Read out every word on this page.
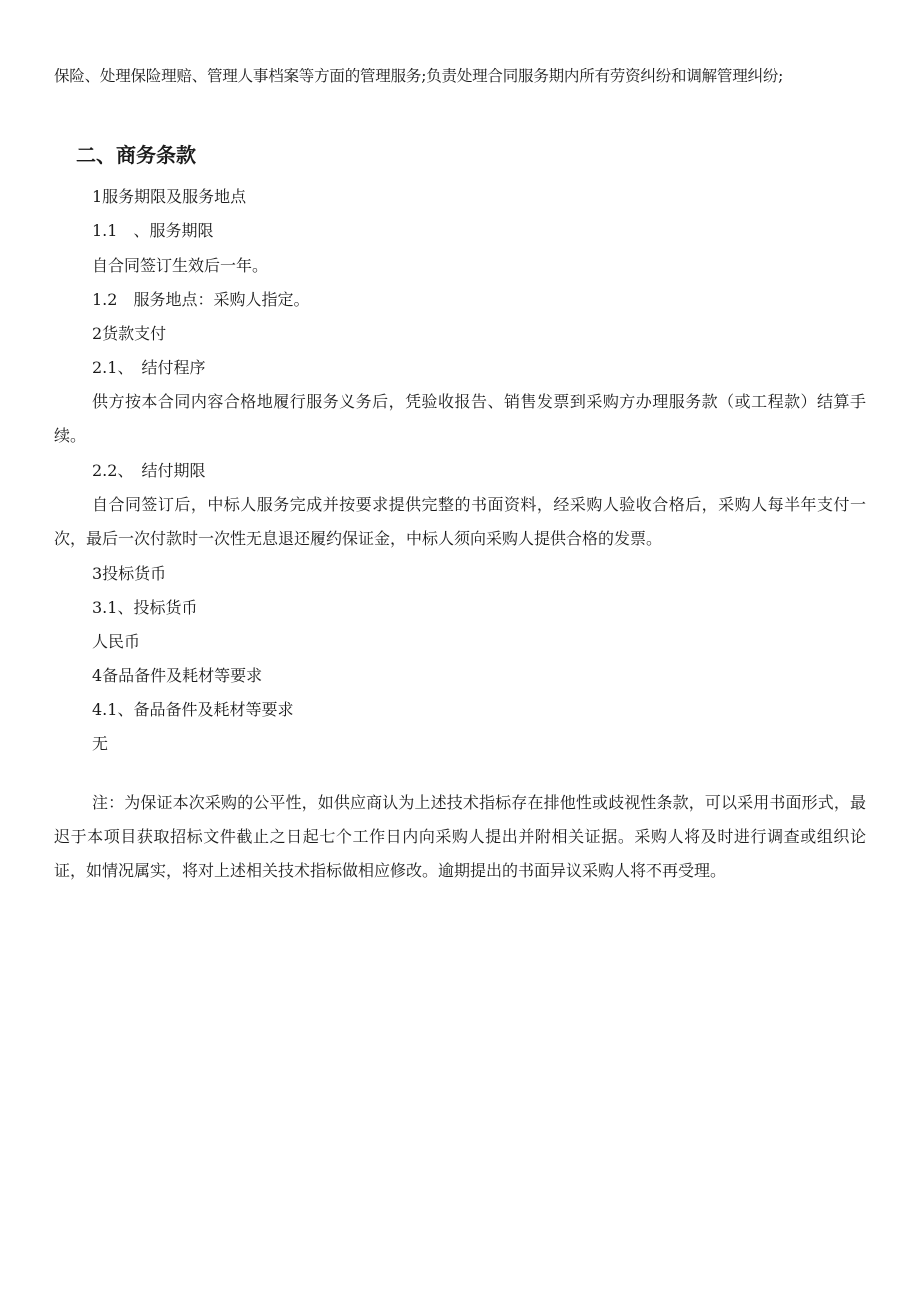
保险、处理保险理赔、管理人事档案等方面的管理服务;负责处理合同服务期内所有劳资纠纷和调解管理纠纷;
二、商务条款
1服务期限及服务地点
1.1　、服务期限
自合同签订生效后一年。
1.2　服务地点：采购人指定。
2货款支付
2.1、　结付程序
供方按本合同内容合格地履行服务义务后，凭验收报告、销售发票到采购方办理服务款（或工程款）结算手续。
2.2、　结付期限
自合同签订后，中标人服务完成并按要求提供完整的书面资料，经采购人验收合格后，采购人每半年支付一次，最后一次付款时一次性无息退还履约保证金，中标人须向采购人提供合格的发票。
3投标货币
3.1、投标货币
人民币
4备品备件及耗材等要求
4.1、备品备件及耗材等要求
无
注：为保证本次采购的公平性，如供应商认为上述技术指标存在排他性或歧视性条款，可以采用书面形式，最迟于本项目获取招标文件截止之日起七个工作日内向采购人提出并附相关证据。采购人将及时进行调查或组织论证，如情况属实，将对上述相关技术指标做相应修改。逾期提出的书面异议采购人将不再受理。
